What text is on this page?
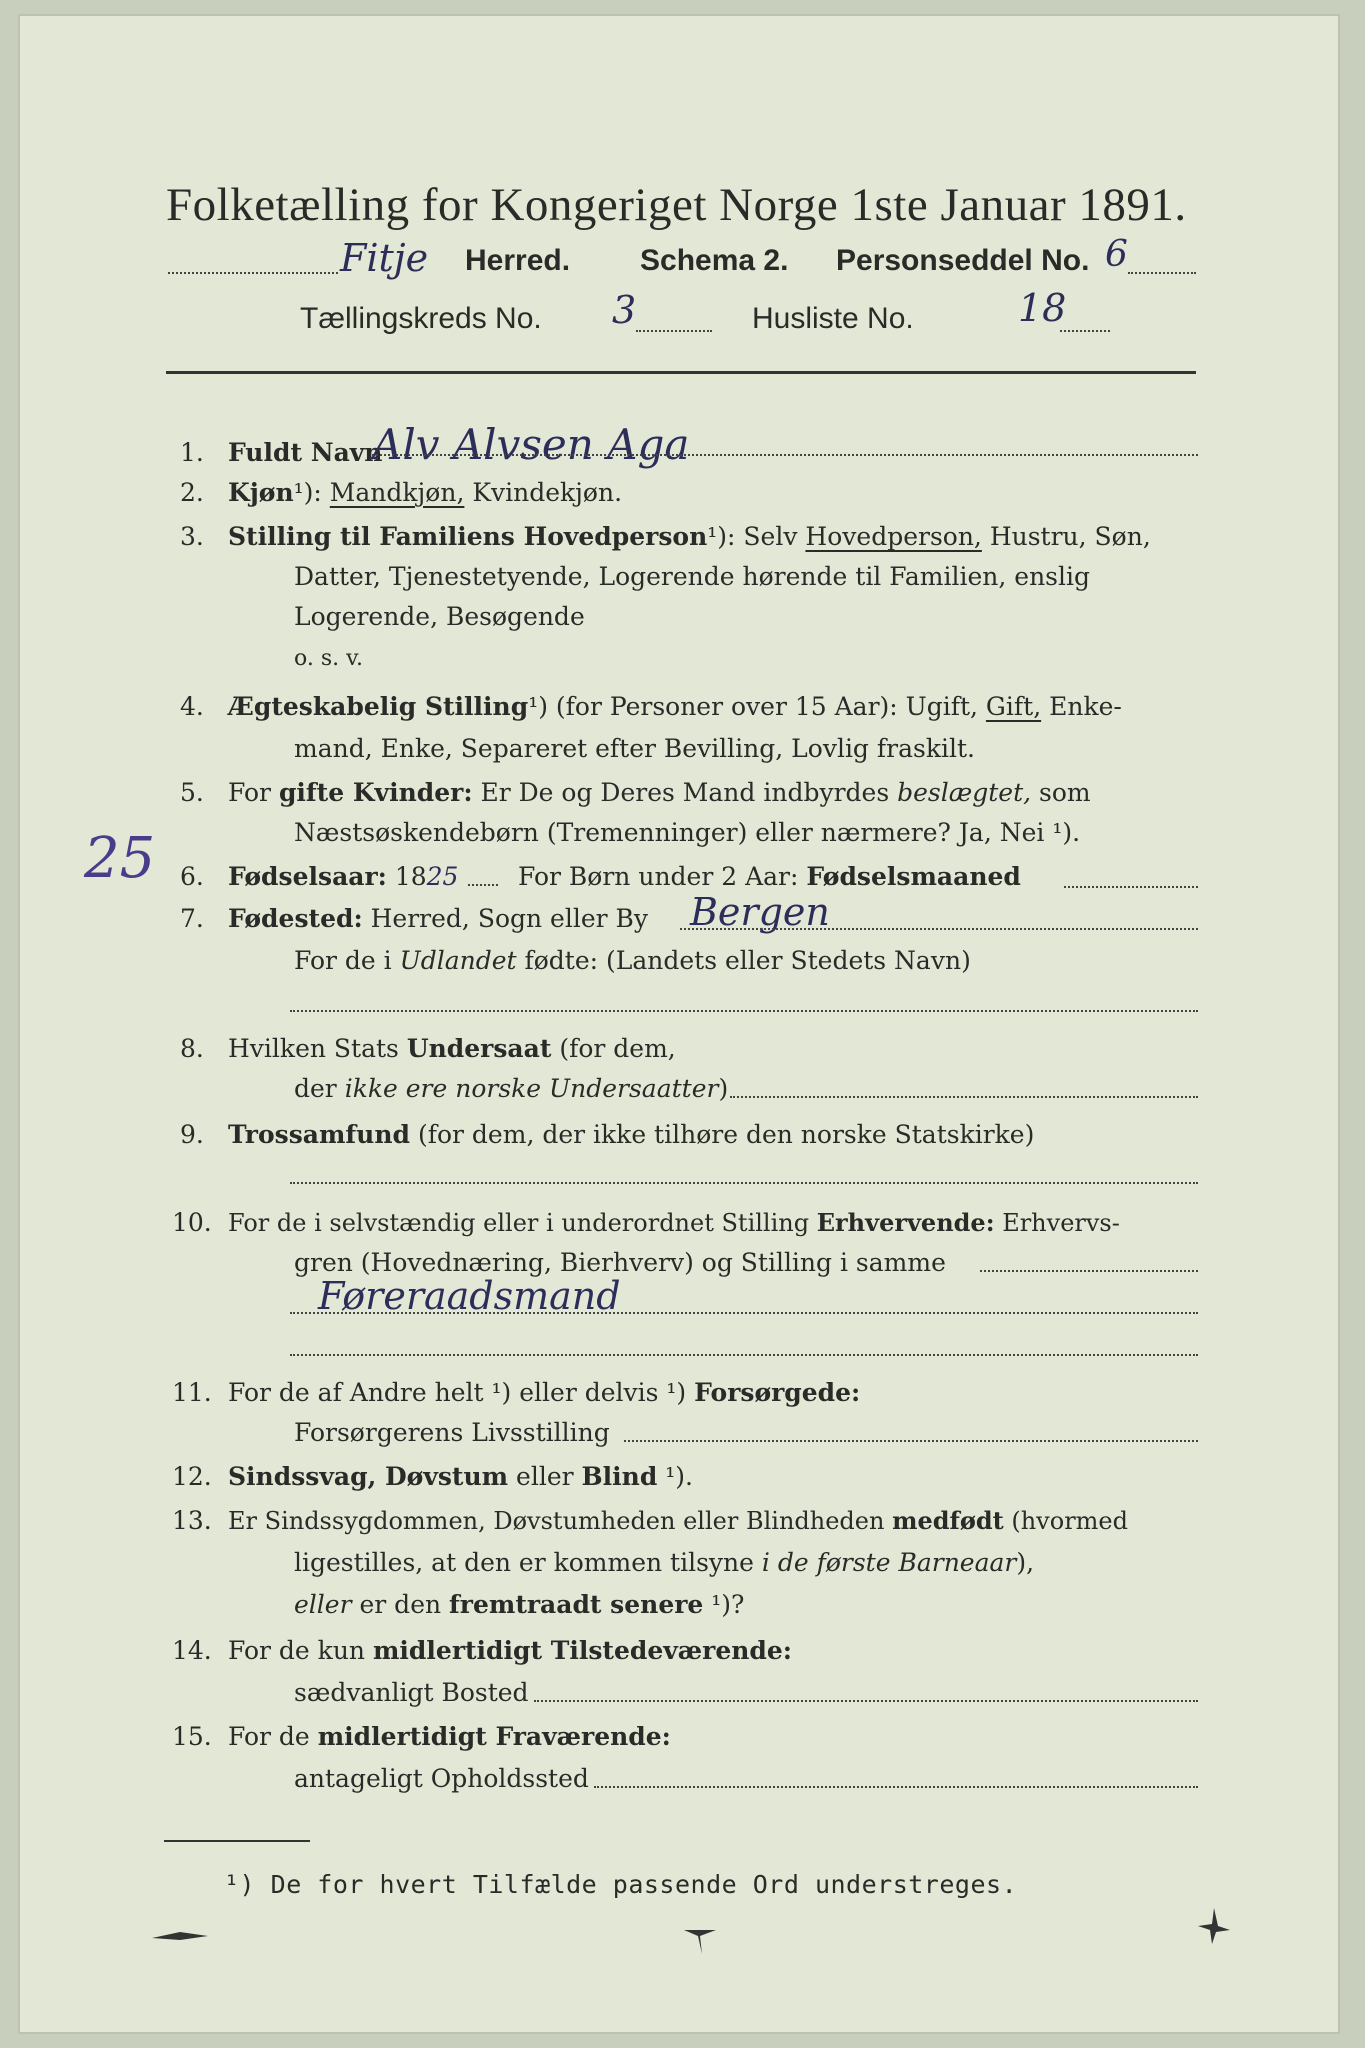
Folketælling for Kongeriget Norge 1ste Januar 1891.
Fitje Herred. Schema 2. Personseddel No. 6
Tællingskreds No. 3	Husliste No.	18
25
1. Fuldt Navn
Alv Alvsen Aga
2. Kjøn¹): Mandkjøn, Kvindekjøn.
3. Stilling til Familiens Hovedperson¹): Selv Hovedperson, Hustru, Søn,
Datter, Tjenestetyende, Logerende hørende til Familien, enslig
Logerende, Besøgende
o. s. v.
4. Ægteskabelig Stilling¹) (for Personer over 15 Aar): Ugift, Gift, Enke-
mand, Enke, Separeret efter Bevilling, Lovlig fraskilt.
5. For gifte Kvinder: Er De og Deres Mand indbyrdes beslægtet, som
Næstsøskendebørn (Tremenninger) eller nærmere? Ja, Nei ¹).
6. Fødselsaar: 1825 For Børn under 2 Aar: Fødselsmaaned
7. Fødested: Herred, Sogn eller By Bergen
For de i Udlandet fødte: (Landets eller Stedets Navn)
8. Hvilken Stats Undersaat (for dem,
der ikke ere norske Undersaatter)
9. Trossamfund (for dem, der ikke tilhøre den norske Statskirke)
10. For de i selvstændig eller i underordnet Stilling Erhvervende: Erhvervs-
gren (Hovednæring, Bierhverv) og Stilling i samme
Føreraadsmand
11. For de af Andre helt ¹) eller delvis ¹) Forsørgede:
Forsørgerens Livsstilling
12. Sindssvag, Døvstum eller Blind ¹).
13. Er Sindssygdommen, Døvstumheden eller Blindheden medfødt (hvormed
ligestilles, at den er kommen tilsyne i de første Barneaar),
eller er den fremtraadt senere ¹)?
14. For de kun midlertidigt Tilstedeværende:
sædvanligt Bosted
15. For de midlertidigt Fraværende:
antageligt Opholdssted
¹) De for hvert Tilfælde passende Ord understreges.
